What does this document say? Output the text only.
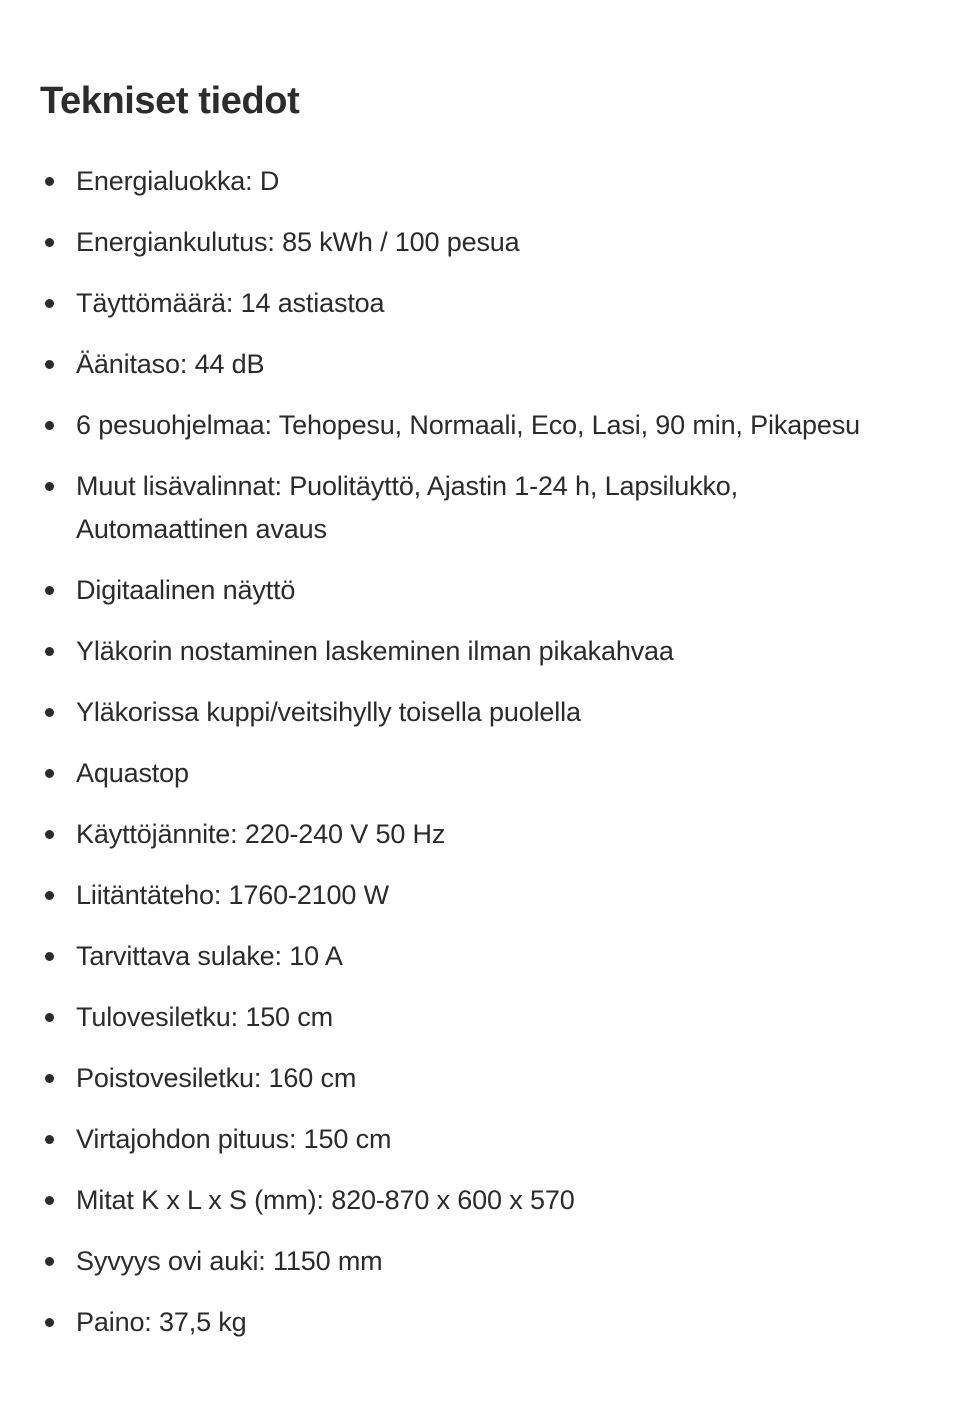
Tekniset tiedot
Energialuokka: D
Energiankulutus: 85 kWh / 100 pesua
Täyttömäärä: 14 astiastoa
Äänitaso: 44 dB
6 pesuohjelmaa: Tehopesu, Normaali, Eco, Lasi, 90 min, Pikapesu
Muut lisävalinnat: Puolitäyttö, Ajastin 1-24 h, Lapsilukko, Automaattinen avaus
Digitaalinen näyttö
Yläkorin nostaminen laskeminen ilman pikakahvaa
Yläkorissa kuppi/veitsihylly toisella puolella
Aquastop
Käyttöjännite: 220-240 V 50 Hz
Liitäntäteho: 1760-2100 W
Tarvittava sulake: 10 A
Tulovesiletku: 150 cm
Poistovesiletku: 160 cm
Virtajohdon pituus: 150 cm
Mitat K x L x S (mm): 820-870 x 600 x 570
Syvyys ovi auki: 1150 mm
Paino: 37,5 kg
